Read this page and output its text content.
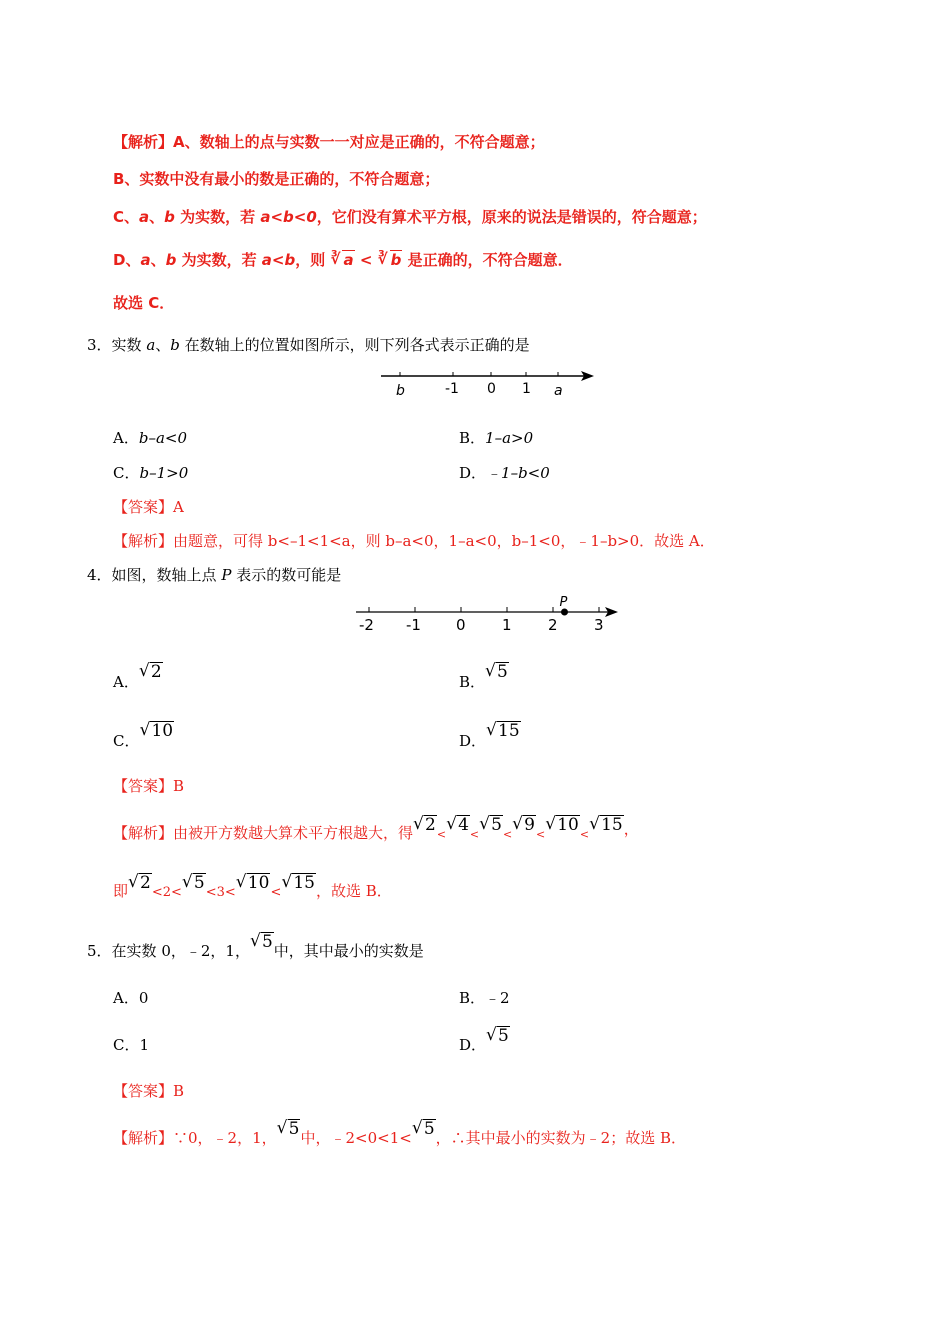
【解析】A、数轴上的点与实数一一对应是正确的，不符合题意；
B、实数中没有最小的数是正确的，不符合题意；
C、a、b 为实数，若 a<b<0，它们没有算术平方根，原来的说法是错误的，符合题意；
D、a、b 为实数，若 a<b，则 ∛ a < ∛ b 是正确的，不符合题意．
故选 C．
3．实数 a、b 在数轴上的位置如图所示，则下列各式表示正确的是
b	-1 0 1 a
A．b–a<0	B．1–a>0
C．b–1>0	D．﹣1–b<0
【答案】A
【解析】由题意，可得 b<–1<1<a，则 b–a<0，1–a<0，b–1<0，﹣1–b>0．故选 A．
4．如图，数轴上点 P 表示的数可能是
-2 -1 0 1 2 3
P
A．√ 2	B．√ 5
C．√ 10	D．√ 15
【答案】B
【解析】由被开方数越大算术平方根越大，得√ $2_<√$ $4_<√$ $5_<√$ $9_<√$ $10_<√$ 15，
即√ 2<2<√ 5<3<√ 10<√ 15，故选 B．
5．在实数 0，﹣2，1，√ 5中，其中最小的实数是
A．0	B．﹣2
C．1	D．√ 5
【答案】B
【解析】∵0，﹣2，1，√ 5中，﹣2<0<1<√ 5，∴其中最小的实数为﹣2；故选 B．
